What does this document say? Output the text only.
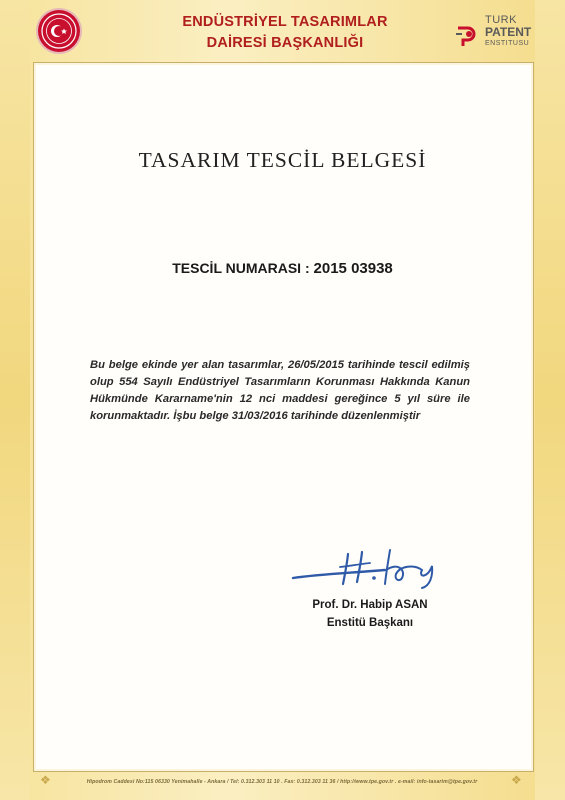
ENDÜSTRİYEL TASARIMLAR
DAİRESİ BAŞKANLIĞI
TURK
PATENT
ENSTITUSU
TASARIM TESCİL BELGESİ
TESCİL NUMARASI : 2015 03938
Bu belge ekinde yer alan tasarımlar, 26/05/2015 tarihinde tescil edilmiş olup 554 Sayılı Endüstriyel Tasarımların Korunması Hakkında Kanun Hükmünde Kararname'nin 12 nci maddesi gereğince 5 yıl süre ile korunmaktadır. İşbu belge 31/03/2016 tarihinde düzenlenmiştir
Prof. Dr. Habip ASAN
Enstitü Başkanı
❖	Hipodrom Caddesi No:115 06330 Yenimahalle - Ankara / Tel: 0.312.303 11 10 . Fax: 0.312.303 11 36 / http://www.tpe.gov.tr . e-mail: info-tasarim@tpe.gov.tr	❖
